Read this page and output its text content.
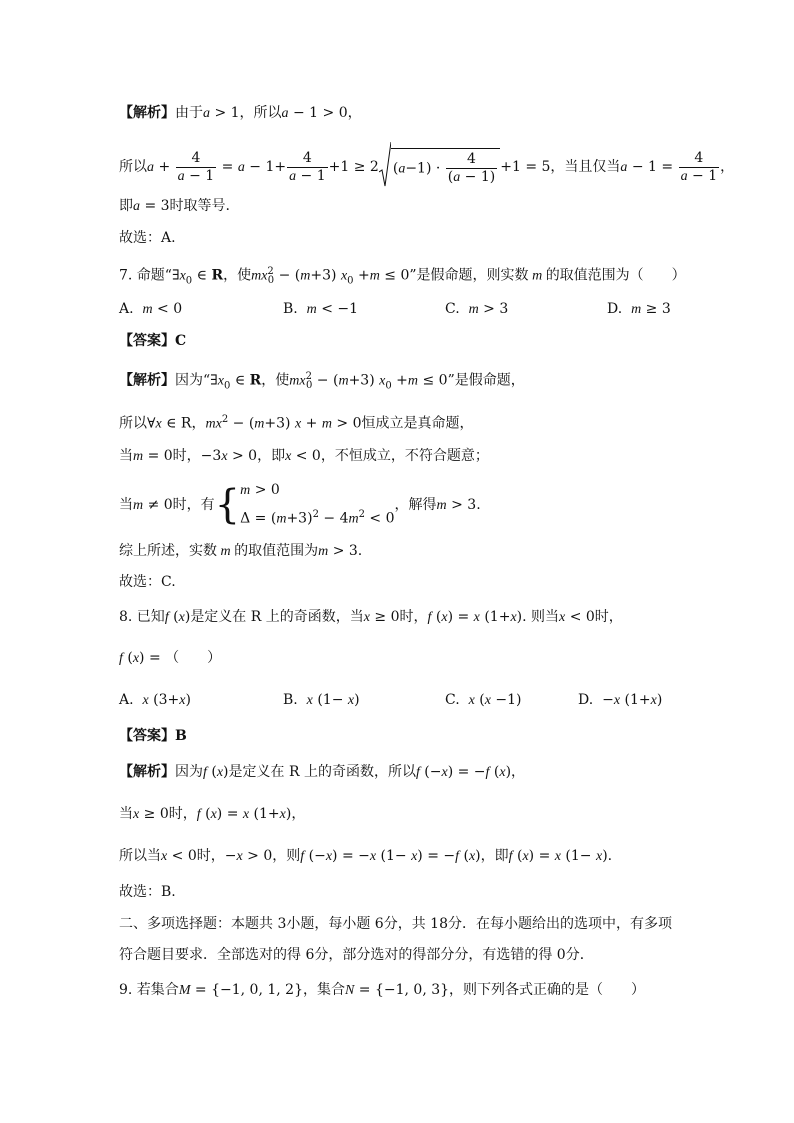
【解析】由于a > 1，所以a − 1 > 0，
所以$a + \frac{4}{a - 1} = a - 1+ \frac{4}{a - 1} +1 \ge 2$ $(a-1) \cdot \frac{4}{(a - 1)} +1 = 5$，当且仅当$a - 1 = \frac{4}{a - 1}$ ，
即a = 3时取等号.
故选：A.
7. 命题“$\exists x_0$ ∈ R，使$mx^2_0 - (m+3)$ $x_0 +m \le 0$”是假命题，则实数 m 的取值范围为（　　）
A. m < 0	B. m < −1	C. m > 3	D. m ≥ 3
【答案】C
【解析】因为“$\exists x_0$ ∈ R，使$mx^2_0 - (m+3)$ $x_0 +m \le 0$”是假命题，
所以∀x ∈ R，$mx^2 - (m+3) x + m > 0$恒成立是真命题，
当m = 0时，−3x > 0，即x < 0，不恒成立，不符合题意；
当m ≠ 0时，有{ m > 0
$\Delta = (m+3)^2 - 4m^2 < 0$
，解得m > 3.
综上所述，实数 m 的取值范围为m > 3.
故选：C.
8. 已知f (x)是定义在 R 上的奇函数，当x ≥ 0时，f (x) = x (1+x). 则当x < 0时，
f (x) = （　　）
A. x (3+x)	B. x (1− x)	C. x (x −1)	D. −x (1+x)
【答案】B
【解析】因为f (x)是定义在 R 上的奇函数，所以f (−x) = −f (x)，
当x ≥ 0时，f (x) = x (1+x)，
所以当x < 0时，−x > 0，则f (−x) = −x (1− x) = −f (x)，即f (x) = x (1− x).
故选：B.
二、多项选择题：本题共 3小题，每小题 6分，共 18分．在每小题给出的选项中，有多项
符合题目要求．全部选对的得 6分，部分选对的得部分分，有选错的得 0分．
9. 若集合M = {−1, 0, 1, 2}，集合N = {−1, 0, 3}，则下列各式正确的是（　　）
